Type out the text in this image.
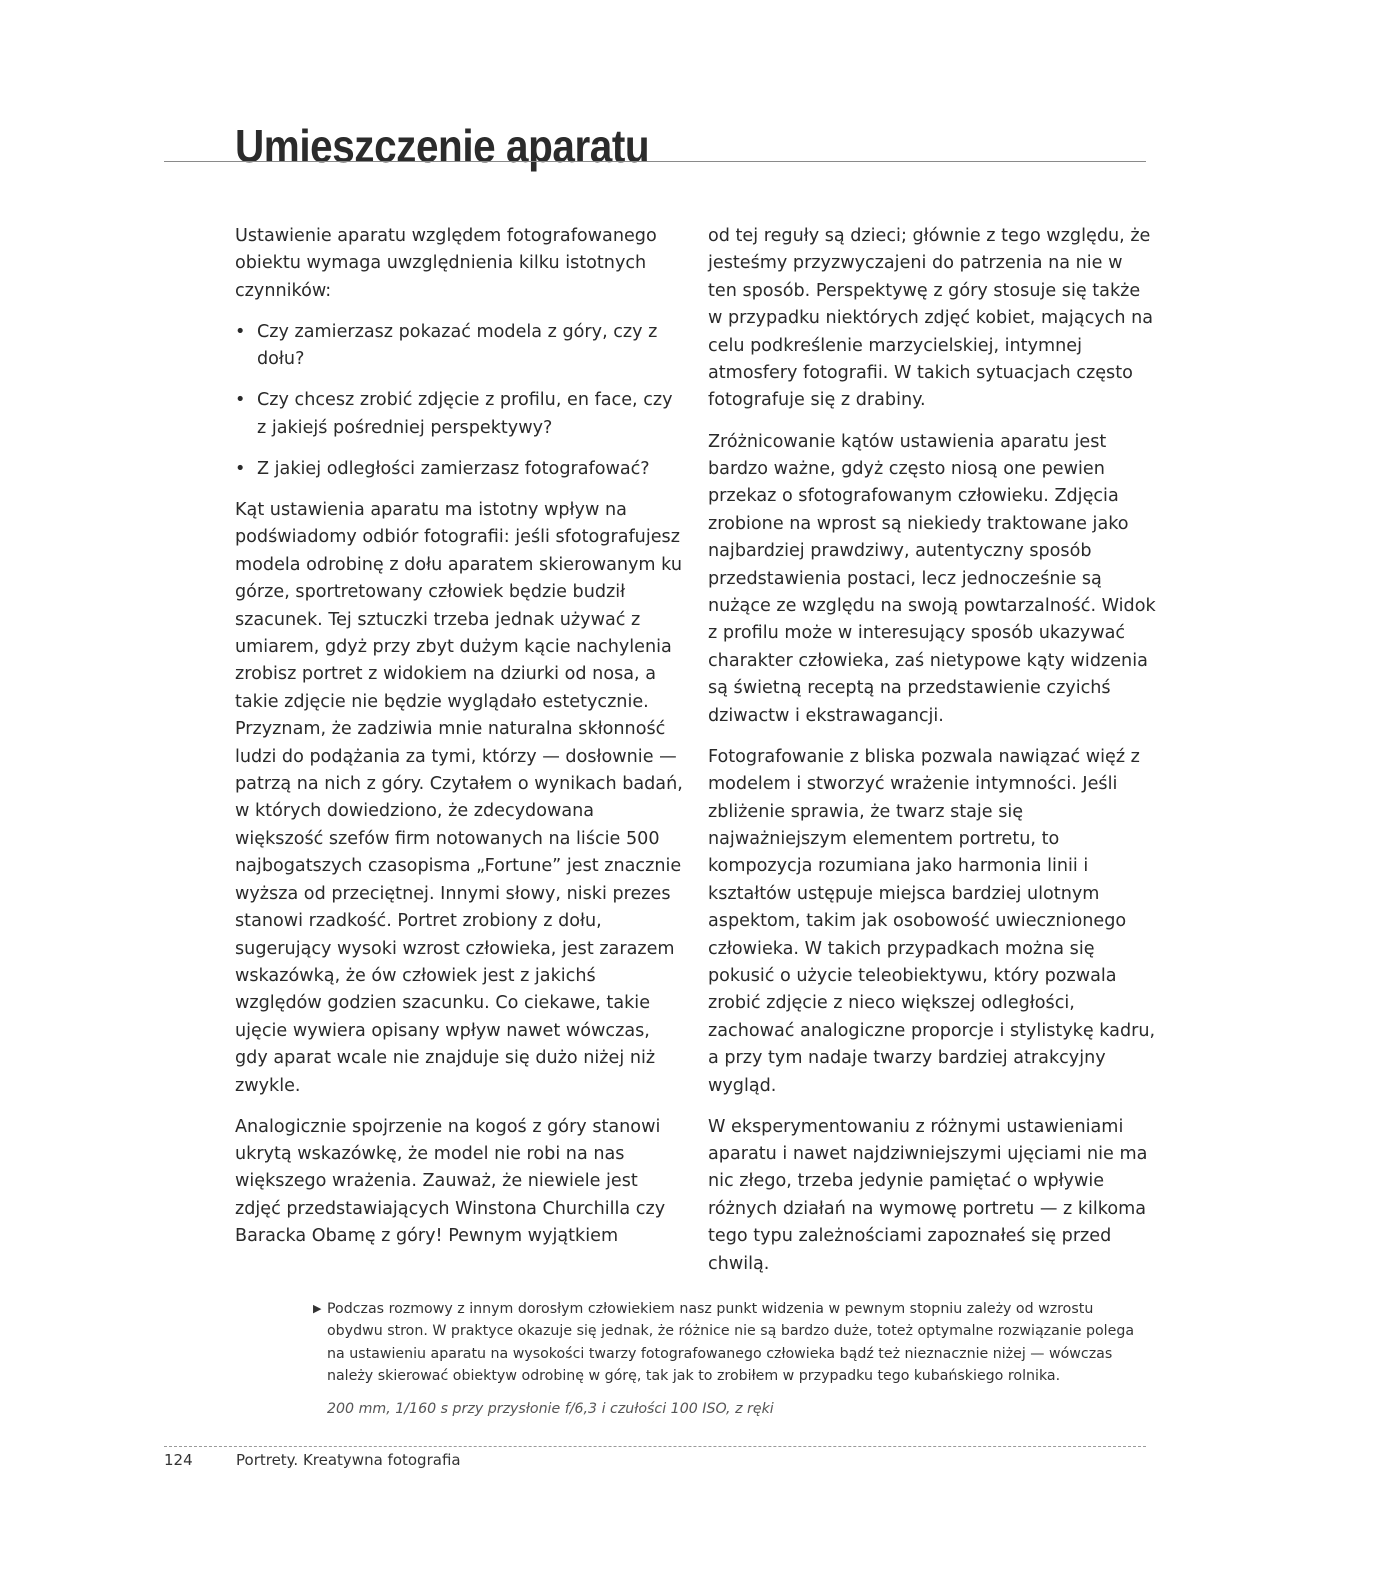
Umieszczenie aparatu

Ustawienie aparatu względem fotografowanego obiektu wymaga uwzględnienia kilku istotnych czynników:

• Czy zamierzasz pokazać modela z góry, czy z dołu?
• Czy chcesz zrobić zdjęcie z profilu, en face, czy z jakiejś pośredniej perspektywy?
• Z jakiej odległości zamierzasz fotografować?

Kąt ustawienia aparatu ma istotny wpływ na podświadomy odbiór fotografii: jeśli sfotografujesz modela odrobinę z dołu aparatem skierowanym ku górze, sportretowany człowiek będzie budził szacunek. Tej sztuczki trzeba jednak używać z umiarem, gdyż przy zbyt dużym kącie nachylenia zrobisz portret z widokiem na dziurki od nosa, a takie zdjęcie nie będzie wyglądało estetycznie. Przyznam, że zadziwia mnie naturalna skłonność ludzi do podążania za tymi, którzy — dosłownie — patrzą na nich z góry. Czytałem o wynikach badań, w których dowiedziono, że zdecydowana większość szefów firm notowanych na liście 500 najbogatszych czasopisma „Fortune” jest znacznie wyższa od przeciętnej. Innymi słowy, niski prezes stanowi rzadkość. Portret zrobiony z dołu, sugerujący wysoki wzrost człowieka, jest zarazem wskazówką, że ów człowiek jest z jakichś względów godzien szacunku. Co ciekawe, takie ujęcie wywiera opisany wpływ nawet wówczas, gdy aparat wcale nie znajduje się dużo niżej niż zwykle.

Analogicznie spojrzenie na kogoś z góry stanowi ukrytą wskazówkę, że model nie robi na nas większego wrażenia. Zauważ, że niewiele jest zdjęć przedstawiających Winstona Churchilla czy Baracka Obamę z góry! Pewnym wyjątkiem

od tej reguły są dzieci; głównie z tego względu, że jesteśmy przyzwyczajeni do patrzenia na nie w ten sposób. Perspektywę z góry stosuje się także w przypadku niektórych zdjęć kobiet, mających na celu podkreślenie marzycielskiej, intymnej atmosfery fotografii. W takich sytuacjach często fotografuje się z drabiny.

Zróżnicowanie kątów ustawienia aparatu jest bardzo ważne, gdyż często niosą one pewien przekaz o sfotografowanym człowieku. Zdjęcia zrobione na wprost są niekiedy traktowane jako najbardziej prawdziwy, autentyczny sposób przedstawienia postaci, lecz jednocześnie są nużące ze względu na swoją powtarzalność. Widok z profilu może w interesujący sposób ukazywać charakter człowieka, zaś nietypowe kąty widzenia są świetną receptą na przedstawienie czyichś dziwactw i ekstrawagancji.

Fotografowanie z bliska pozwala nawiązać więź z modelem i stworzyć wrażenie intymności. Jeśli zbliżenie sprawia, że twarz staje się najważniejszym elementem portretu, to kompozycja rozumiana jako harmonia linii i kształtów ustępuje miejsca bardziej ulotnym aspektom, takim jak osobowość uwiecznionego człowieka. W takich przypadkach można się pokusić o użycie teleobiektywu, który pozwala zrobić zdjęcie z nieco większej odległości, zachować analogiczne proporcje i stylistykę kadru, a przy tym nadaje twarzy bardziej atrakcyjny wygląd.

W eksperymentowaniu z różnymi ustawieniami aparatu i nawet najdziwniejszymi ujęciami nie ma nic złego, trzeba jedynie pamiętać o wpływie różnych działań na wymowę portretu — z kilkoma tego typu zależnościami zapoznałeś się przed chwilą.

▶ Podczas rozmowy z innym dorosłym człowiekiem nasz punkt widzenia w pewnym stopniu zależy od wzrostu obydwu stron. W praktyce okazuje się jednak, że różnice nie są bardzo duże, toteż optymalne rozwiązanie polega na ustawieniu aparatu na wysokości twarzy fotografowanego człowieka bądź też nieznacznie niżej — wówczas należy skierować obiektyw odrobinę w górę, tak jak to zrobiłem w przypadku tego kubańskiego rolnika.

200 mm, 1/160 s przy przysłonie f/6,3 i czułości 100 ISO, z ręki

124	Portrety. Kreatywna fotografia
